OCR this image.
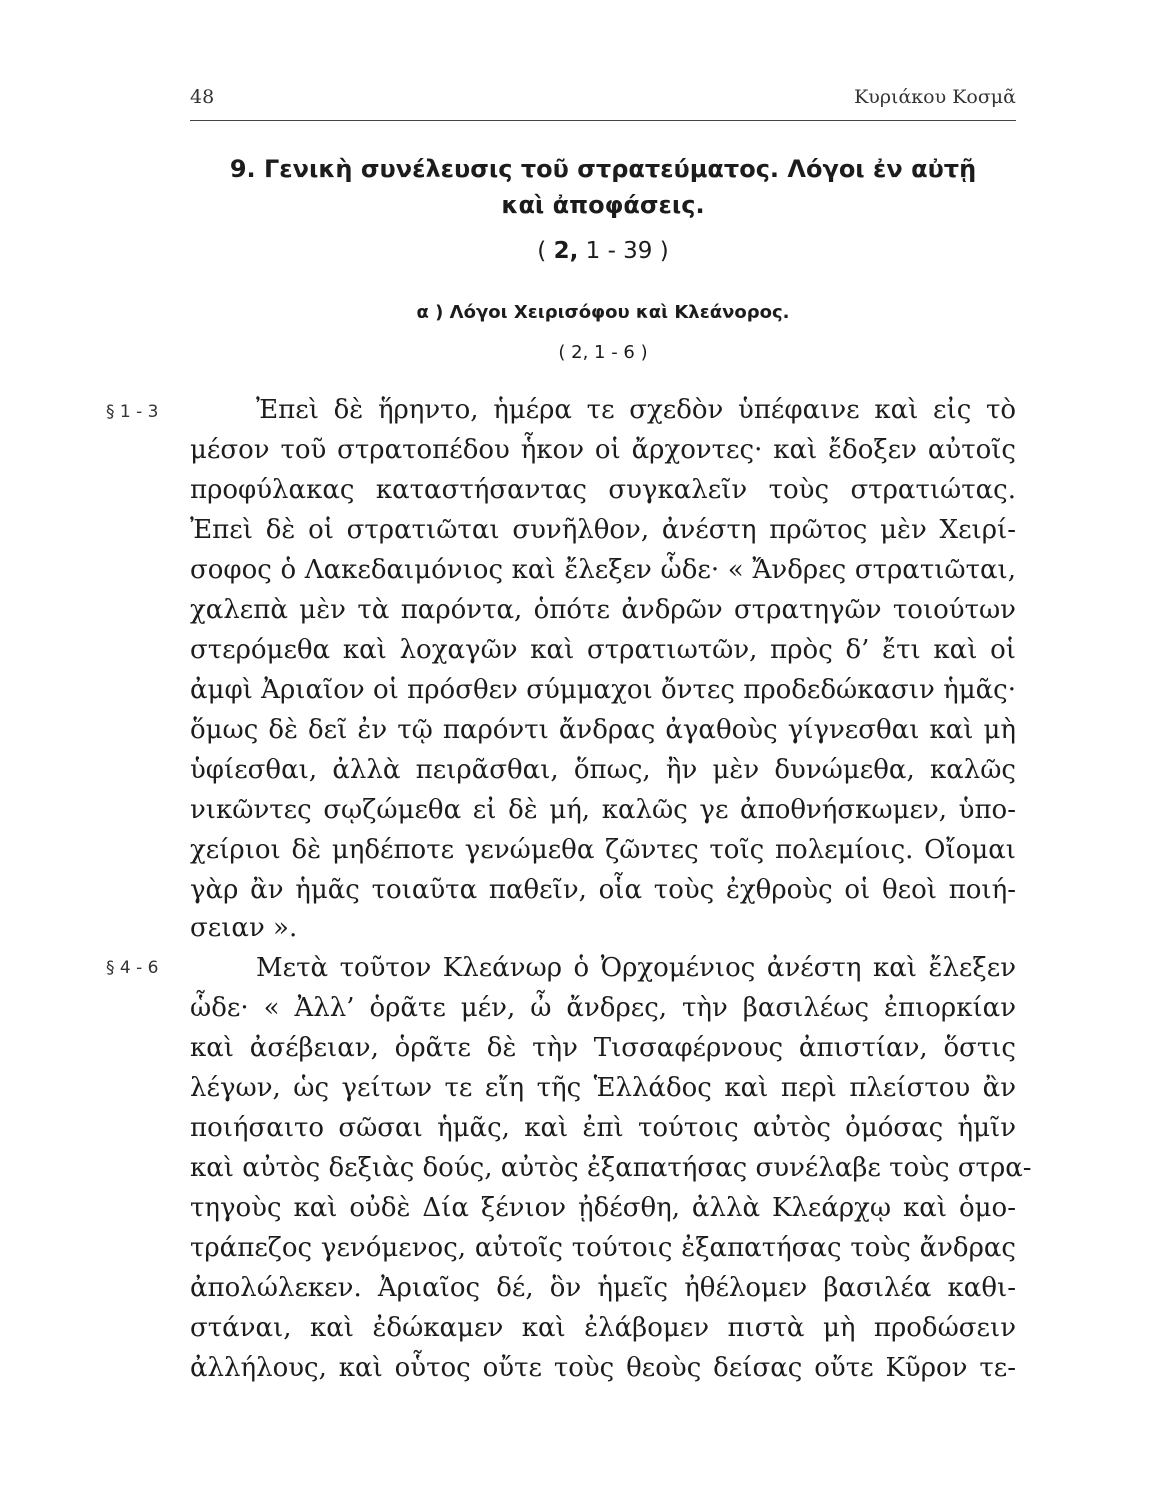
48	Κυριάκου Κοσμᾶ
9. Γενικὴ συνέλευσις τοῦ στρατεύματος. Λόγοι ἐν αὐτῇ
καὶ ἀποφάσεις.
( 2, 1 - 39 )
α ) Λόγοι Χειρισόφου καὶ Κλεάνορος.
( 2, 1 - 6 )
§ 1 - 3	Ἐπεὶ δὲ ἥρηντο, ἡμέρα τε σχεδὸν ὑπέφαινε καὶ εἰς τὸ
μέσον τοῦ στρατοπέδου ἧκον οἱ ἄρχοντες· καὶ ἔδοξεν αὐτοῖς
προφύλακας καταστήσαντας συγκαλεῖν τοὺς στρατιώτας.
Ἐπεὶ δὲ οἱ στρατιῶται συνῆλθον, ἀνέστη πρῶτος μὲν Χειρί-
σοφος ὁ Λακεδαιμόνιος καὶ ἔλεξεν ὧδε· « Ἄνδρες στρατιῶται,
χαλεπὰ μὲν τὰ παρόντα, ὁπότε ἀνδρῶν στρατηγῶν τοιούτων
στερόμεθα καὶ λοχαγῶν καὶ στρατιωτῶν, πρὸς δ’ ἔτι καὶ οἱ
ἀμφὶ Ἀριαῖον οἱ πρόσθεν σύμμαχοι ὄντες προδεδώκασιν ἡμᾶς·
ὅμως δὲ δεῖ ἐν τῷ παρόντι ἄνδρας ἀγαθοὺς γίγνεσθαι καὶ μὴ
ὑφίεσθαι, ἀλλὰ πειρᾶσθαι, ὅπως, ἢν μὲν δυνώμεθα, καλῶς
νικῶντες σῳζώμεθα εἰ δὲ μή, καλῶς γε ἀποθνήσκωμεν, ὑπο-
χείριοι δὲ μηδέποτε γενώμεθα ζῶντες τοῖς πολεμίοις. Οἴομαι
γὰρ ἂν ἡμᾶς τοιαῦτα παθεῖν, οἷα τοὺς ἐχθροὺς οἱ θεοὶ ποιή-
σειαν ».
§ 4 - 6	Μετὰ τοῦτον Κλεάνωρ ὁ Ὀρχομένιος ἀνέστη καὶ ἔλεξεν
ὧδε· « Ἀλλ’ ὁρᾶτε μέν, ὦ ἄνδρες, τὴν βασιλέως ἐπιορκίαν
καὶ ἀσέβειαν, ὁρᾶτε δὲ τὴν Τισσαφέρνους ἀπιστίαν, ὅστις
λέγων, ὡς γείτων τε εἴη τῆς Ἑλλάδος καὶ περὶ πλείστου ἂν
ποιήσαιτο σῶσαι ἡμᾶς, καὶ ἐπὶ τούτοις αὐτὸς ὀμόσας ἡμῖν
καὶ αὐτὸς δεξιὰς δούς, αὐτὸς ἐξαπατήσας συνέλαβε τοὺς στρα-
τηγοὺς καὶ οὐδὲ Δία ξένιον ᾐδέσθη, ἀλλὰ Κλεάρχῳ καὶ ὁμο-
τράπεζος γενόμενος, αὐτοῖς τούτοις ἐξαπατήσας τοὺς ἄνδρας
ἀπολώλεκεν. Ἀριαῖος δέ, ὃν ἡμεῖς ἠθέλομεν βασιλέα καθι-
στάναι, καὶ ἐδώκαμεν καὶ ἐλάβομεν πιστὰ μὴ προδώσειν
ἀλλήλους, καὶ οὗτος οὔτε τοὺς θεοὺς δείσας οὔτε Κῦρον τε-
